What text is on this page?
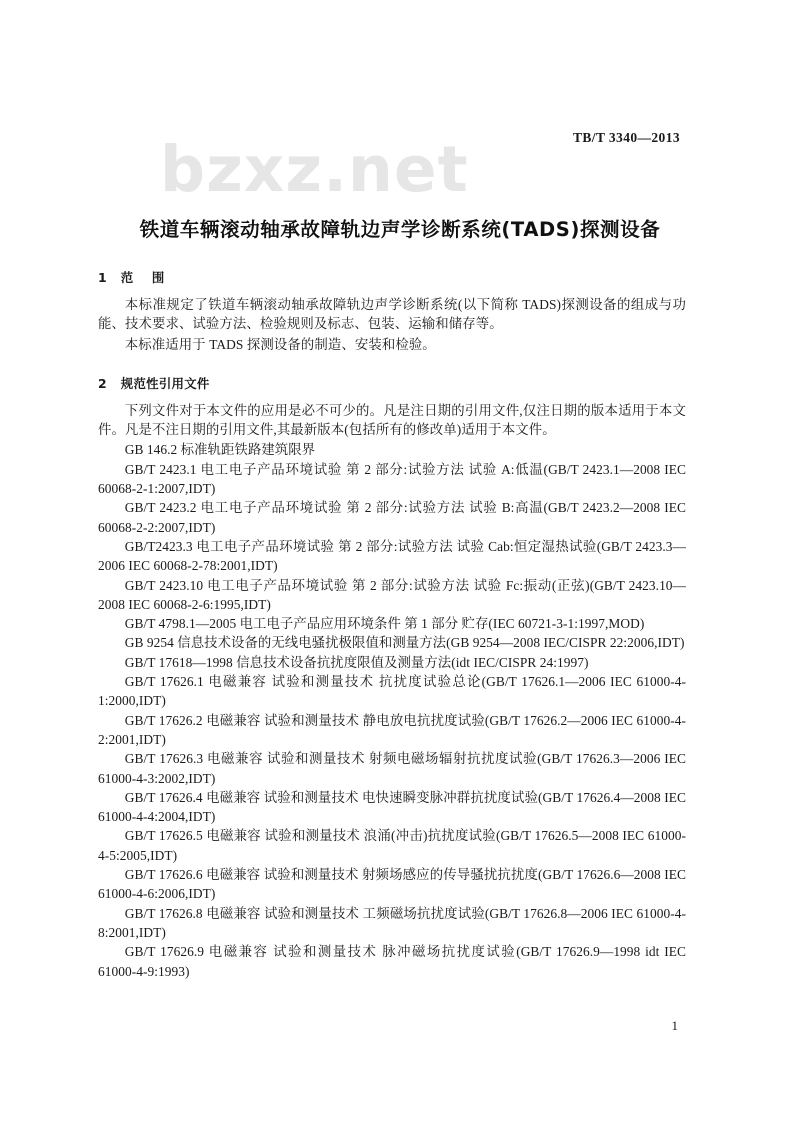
bzxz.net	TB/T 3340—2013
铁道车辆滚动轴承故障轨边声学诊断系统(TADS)探测设备
1   范    围

本标准规定了铁道车辆滚动轴承故障轨边声学诊断系统(以下简称 TADS)探测设备的组成与功能、技术要求、试验方法、检验规则及标志、包装、运输和储存等。

本标准适用于 TADS 探测设备的制造、安装和检验。

2   规范性引用文件

下列文件对于本文件的应用是必不可少的。凡是注日期的引用文件,仅注日期的版本适用于本文件。凡是不注日期的引用文件,其最新版本(包括所有的修改单)适用于本文件。

GB 146.2 标准轨距铁路建筑限界
GB/T 2423.1 电工电子产品环境试验 第 2 部分:试验方法 试验 A:低温(GB/T 2423.1—2008 IEC 60068-2-1:2007,IDT)
GB/T 2423.2 电工电子产品环境试验 第 2 部分:试验方法 试验 B:高温(GB/T 2423.2—2008 IEC 60068-2-2:2007,IDT)
GB/T2423.3 电工电子产品环境试验 第 2 部分:试验方法 试验 Cab:恒定湿热试验(GB/T 2423.3—2006 IEC 60068-2-78:2001,IDT)
GB/T 2423.10 电工电子产品环境试验 第 2 部分:试验方法 试验 Fc:振动(正弦)(GB/T 2423.10—2008 IEC 60068-2-6:1995,IDT)
GB/T 4798.1—2005 电工电子产品应用环境条件 第 1 部分 贮存(IEC 60721-3-1:1997,MOD)
GB 9254 信息技术设备的无线电骚扰极限值和测量方法(GB 9254—2008 IEC/CISPR 22:2006,IDT)
GB/T 17618—1998 信息技术设备抗扰度限值及测量方法(idt IEC/CISPR 24:1997)
GB/T 17626.1 电磁兼容 试验和测量技术 抗扰度试验总论(GB/T 17626.1—2006 IEC 61000-4-1:2000,IDT)
GB/T 17626.2 电磁兼容 试验和测量技术 静电放电抗扰度试验(GB/T 17626.2—2006 IEC 61000-4-2:2001,IDT)
GB/T 17626.3 电磁兼容 试验和测量技术 射频电磁场辐射抗扰度试验(GB/T 17626.3—2006 IEC 61000-4-3:2002,IDT)
GB/T 17626.4 电磁兼容 试验和测量技术 电快速瞬变脉冲群抗扰度试验(GB/T 17626.4—2008 IEC 61000-4-4:2004,IDT)
GB/T 17626.5 电磁兼容 试验和测量技术 浪涌(冲击)抗扰度试验(GB/T 17626.5—2008 IEC 61000-4-5:2005,IDT)
GB/T 17626.6 电磁兼容 试验和测量技术 射频场感应的传导骚扰抗扰度(GB/T 17626.6—2008 IEC 61000-4-6:2006,IDT)
GB/T 17626.8 电磁兼容 试验和测量技术 工频磁场抗扰度试验(GB/T 17626.8—2006 IEC 61000-4-8:2001,IDT)
GB/T 17626.9 电磁兼容 试验和测量技术 脉冲磁场抗扰度试验(GB/T 17626.9—1998 idt IEC 61000-4-9:1993)
1
